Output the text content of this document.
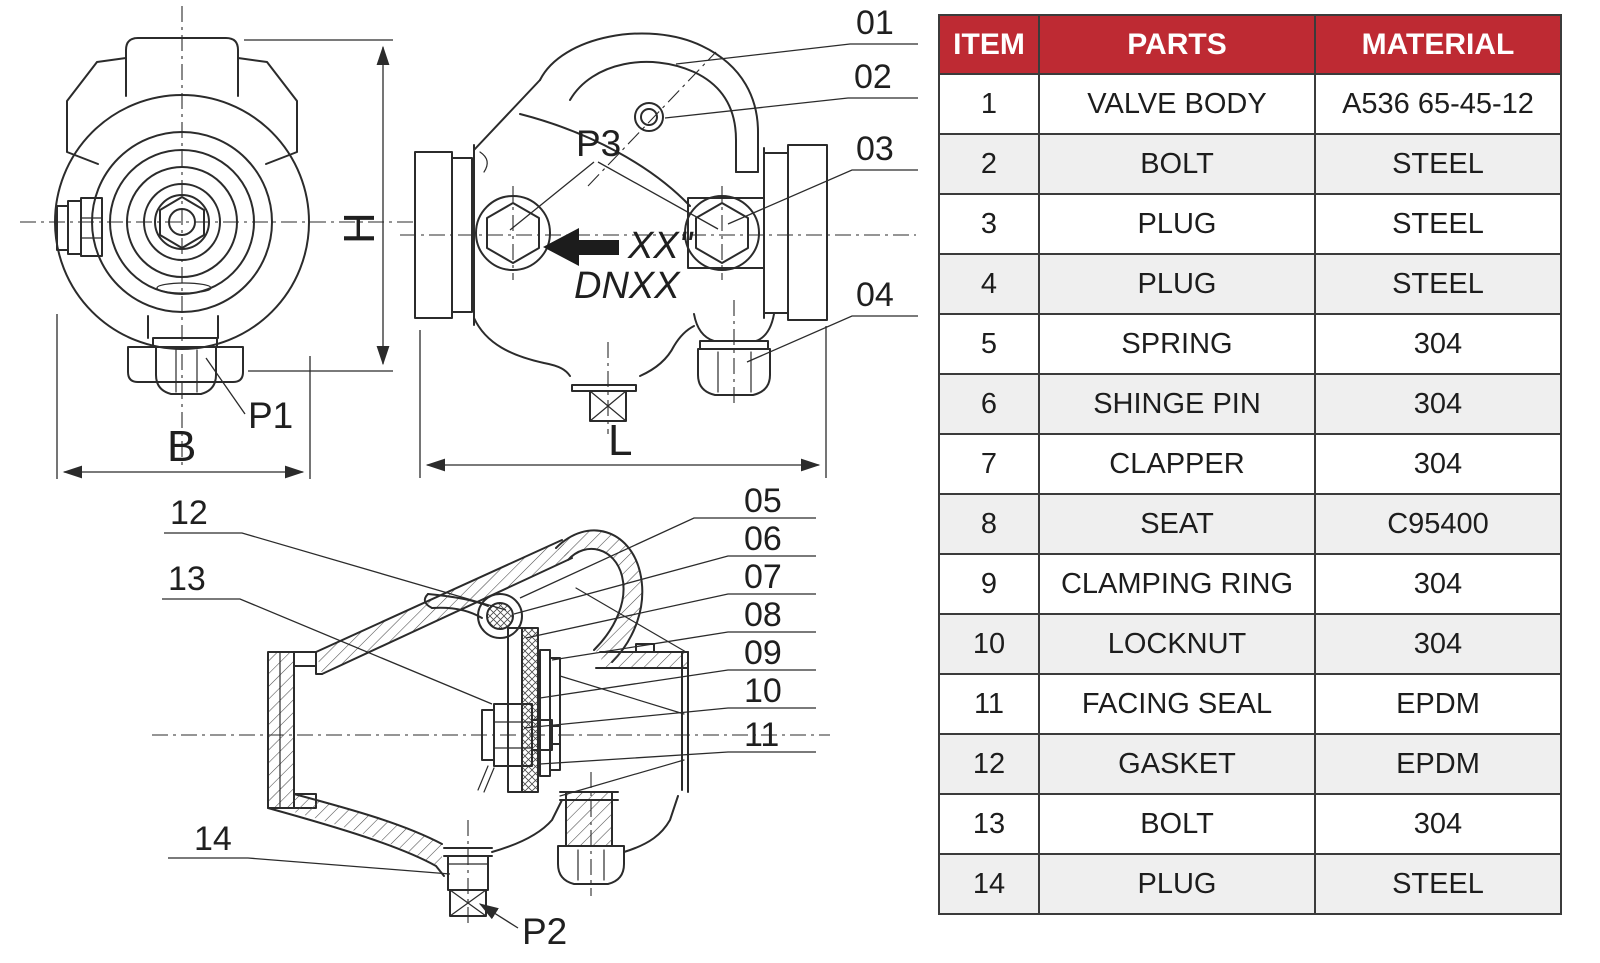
P1
B
H	XX"
DNXX
P3
01
02
03
04
L
12
13
14
05
06
07
08
09
10
11
P2
ITEM	PARTS	MATERIAL
1	VALVE BODY	A536 65-45-12
2	BOLT	STEEL
3	PLUG	STEEL
4	PLUG	STEEL
5	SPRING	304
6	SHINGE PIN	304
7	CLAPPER	304
8	SEAT	C95400
9	CLAMPING RING	304
10	LOCKNUT	304
11	FACING SEAL	EPDM
12	GASKET	EPDM
13	BOLT	304
14	PLUG	STEEL
